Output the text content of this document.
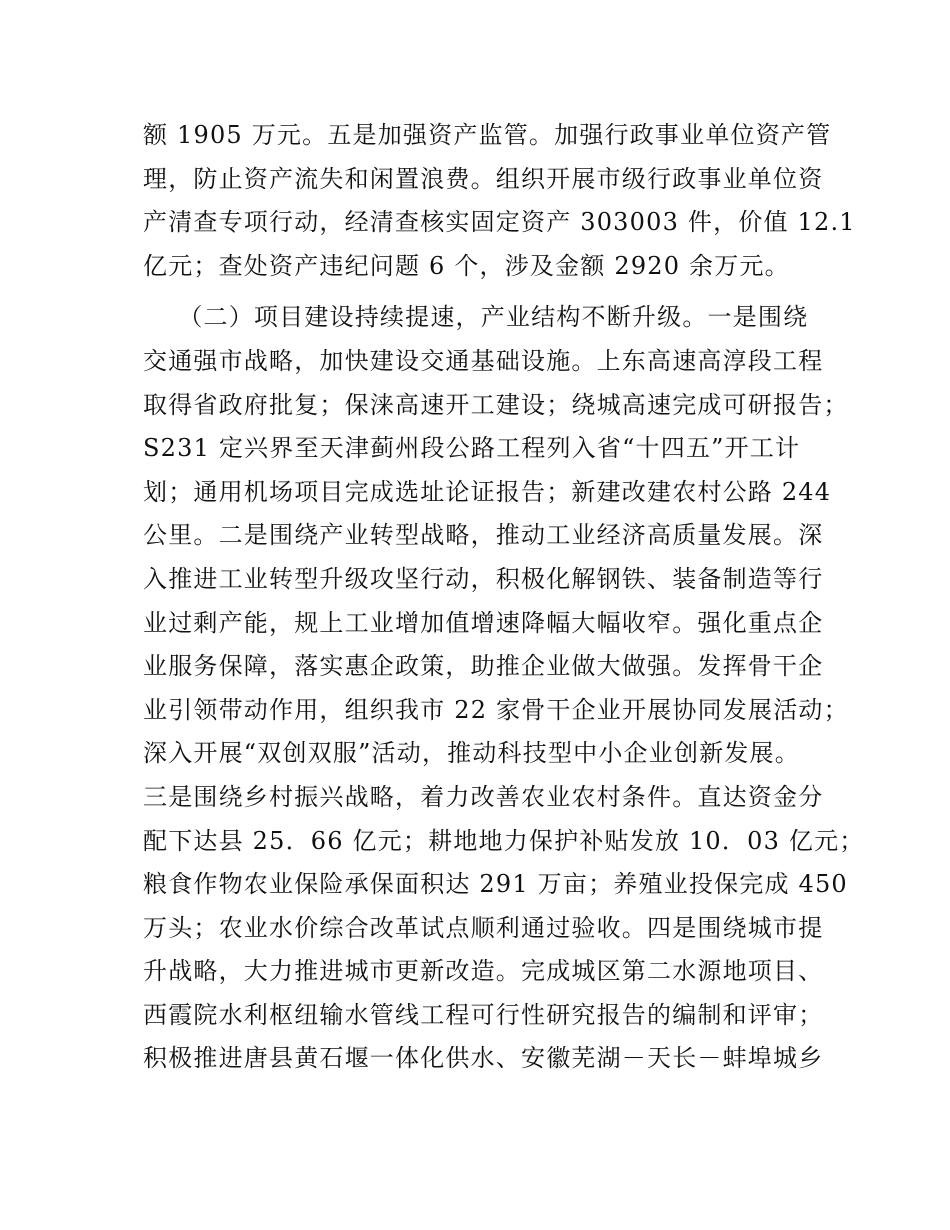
额 1905 万元。五是加强资产监管。加强行政事业单位资产管
理，防止资产流失和闲置浪费。组织开展市级行政事业单位资
产清查专项行动，经清查核实固定资产 303003 件，价值 12.1
亿元；查处资产违纪问题 6 个，涉及金额 2920 余万元。
（二）项目建设持续提速，产业结构不断升级。一是围绕
交通强市战略，加快建设交通基础设施。上东高速高淳段工程
取得省政府批复；保涞高速开工建设；绕城高速完成可研报告；
S231 定兴界至天津蓟州段公路工程列入省“十四五”开工计
划；通用机场项目完成选址论证报告；新建改建农村公路 244
公里。二是围绕产业转型战略，推动工业经济高质量发展。深
入推进工业转型升级攻坚行动，积极化解钢铁、装备制造等行
业过剩产能，规上工业增加值增速降幅大幅收窄。强化重点企
业服务保障，落实惠企政策，助推企业做大做强。发挥骨干企
业引领带动作用，组织我市 22 家骨干企业开展协同发展活动；
深入开展“双创双服”活动，推动科技型中小企业创新发展。
三是围绕乡村振兴战略，着力改善农业农村条件。直达资金分
配下达县 25．66 亿元；耕地地力保护补贴发放 10．03 亿元；
粮食作物农业保险承保面积达 291 万亩；养殖业投保完成 450
万头；农业水价综合改革试点顺利通过验收。四是围绕城市提
升战略，大力推进城市更新改造。完成城区第二水源地项目、
西霞院水利枢纽输水管线工程可行性研究报告的编制和评审；
积极推进唐县黄石堰一体化供水、安徽芜湖－天长－蚌埠城乡
